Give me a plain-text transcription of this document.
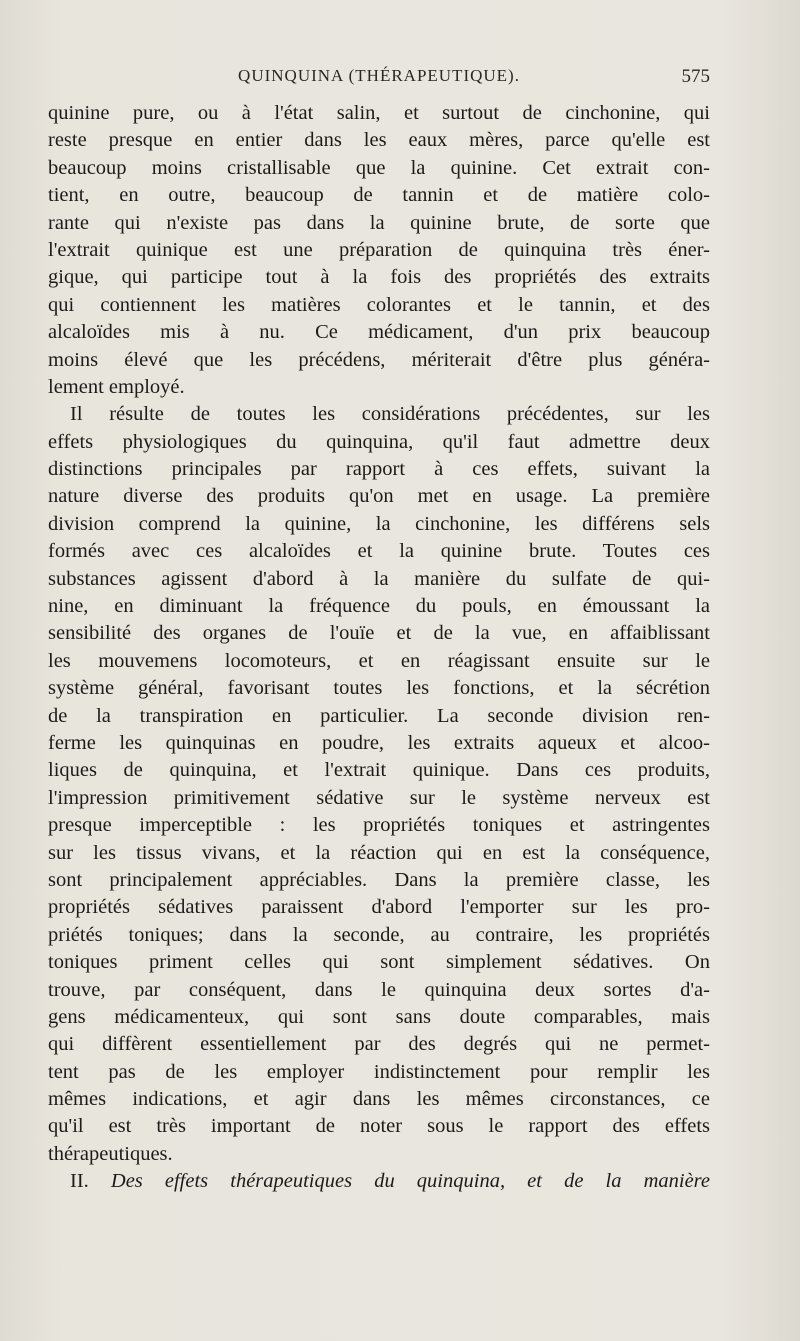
QUINQUINA (THÉRAPEUTIQUE).	575
quinine pure, ou à l'état salin, et surtout de cinchonine, qui
reste presque en entier dans les eaux mères, parce qu'elle est
beaucoup moins cristallisable que la quinine. Cet extrait con-
tient, en outre, beaucoup de tannin et de matière colo-
rante qui n'existe pas dans la quinine brute, de sorte que
l'extrait quinique est une préparation de quinquina très éner-
gique, qui participe tout à la fois des propriétés des extraits
qui contiennent les matières colorantes et le tannin, et des
alcaloïdes mis à nu. Ce médicament, d'un prix beaucoup
moins élevé que les précédens, mériterait d'être plus généra-
lement employé.
Il résulte de toutes les considérations précédentes, sur les
effets physiologiques du quinquina, qu'il faut admettre deux
distinctions principales par rapport à ces effets, suivant la
nature diverse des produits qu'on met en usage. La première
division comprend la quinine, la cinchonine, les différens sels
formés avec ces alcaloïdes et la quinine brute. Toutes ces
substances agissent d'abord à la manière du sulfate de qui-
nine, en diminuant la fréquence du pouls, en émoussant la
sensibilité des organes de l'ouïe et de la vue, en affaiblissant
les mouvemens locomoteurs, et en réagissant ensuite sur le
système général, favorisant toutes les fonctions, et la sécrétion
de la transpiration en particulier. La seconde division ren-
ferme les quinquinas en poudre, les extraits aqueux et alcoo-
liques de quinquina, et l'extrait quinique. Dans ces produits,
l'impression primitivement sédative sur le système nerveux est
presque imperceptible : les propriétés toniques et astringentes
sur les tissus vivans, et la réaction qui en est la conséquence,
sont principalement appréciables. Dans la première classe, les
propriétés sédatives paraissent d'abord l'emporter sur les pro-
priétés toniques; dans la seconde, au contraire, les propriétés
toniques priment celles qui sont simplement sédatives. On
trouve, par conséquent, dans le quinquina deux sortes d'a-
gens médicamenteux, qui sont sans doute comparables, mais
qui diffèrent essentiellement par des degrés qui ne permet-
tent pas de les employer indistinctement pour remplir les
mêmes indications, et agir dans les mêmes circonstances, ce
qu'il est très important de noter sous le rapport des effets
thérapeutiques.
II. Des effets thérapeutiques du quinquina, et de la manière
